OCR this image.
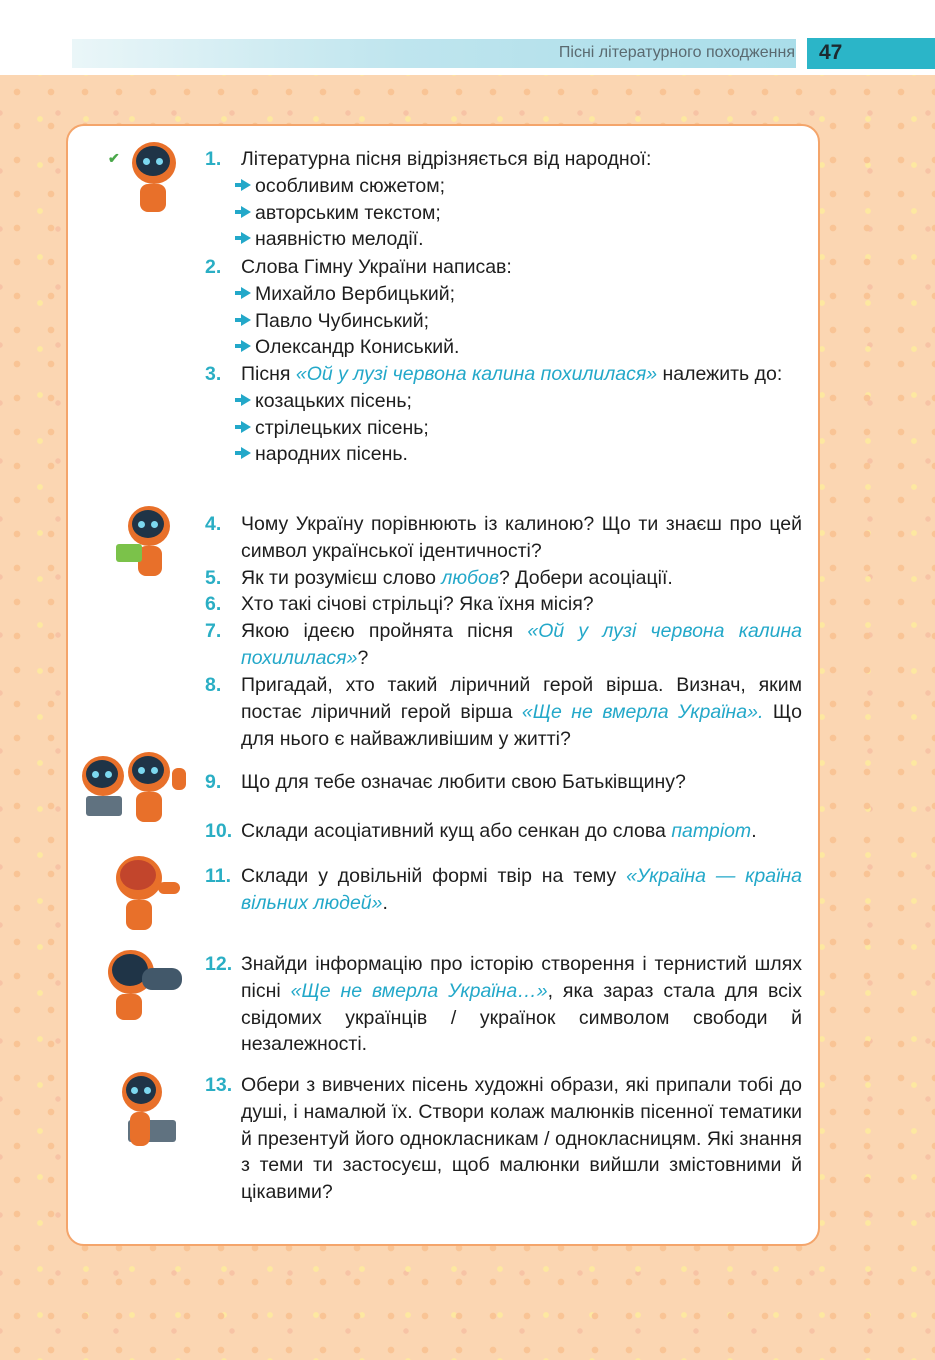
Пісні літературного походження 47
✔	1. Літературна пісня відрізняється від народної:
особливим сюжетом;
авторським текстом;
наявністю мелодії.
2. Слова Гімну України написав:
Михайло Вербицький;
Павло Чубинський;
Олександр Кониський.
3. Пісня «Ой у лузі червона калина похилилася» належить до:
козацьких пісень;
стрілецьких пісень;
народних пісень.
4. Чому Україну порівнюють із калиною? Що ти знаєш про цей символ української ідентичності?
5. Як ти розумієш слово любов? Добери асоціації.
6. Хто такі січові стрільці? Яка їхня місія?
7. Якою ідеєю пройнята пісня «Ой у лузі червона калина похилилася»?
8. Пригадай, хто такий ліричний герой вірша. Визнач, яким постає ліричний герой вірша «Ще не вмерла Україна». Що для нього є найважливішим у житті?
9. Що для тебе означає любити свою Батьківщину?
10. Склади асоціативний кущ або сенкан до слова патріот.
11. Склади у довільній формі твір на тему «Україна — країна вільних людей».
12. Знайди інформацію про історію створення і тернистий шлях пісні «Ще не вмерла Україна…», яка зараз стала для всіх свідомих українців / українок символом свободи й незалежності.
13. Обери з вивчених пісень художні образи, які припали тобі до душі, і намалюй їх. Створи колаж малюнків пісенної тематики й презентуй його однокласникам / однокласницям. Які знання з теми ти застосуєш, щоб малюнки вийшли змістовними й цікавими?
